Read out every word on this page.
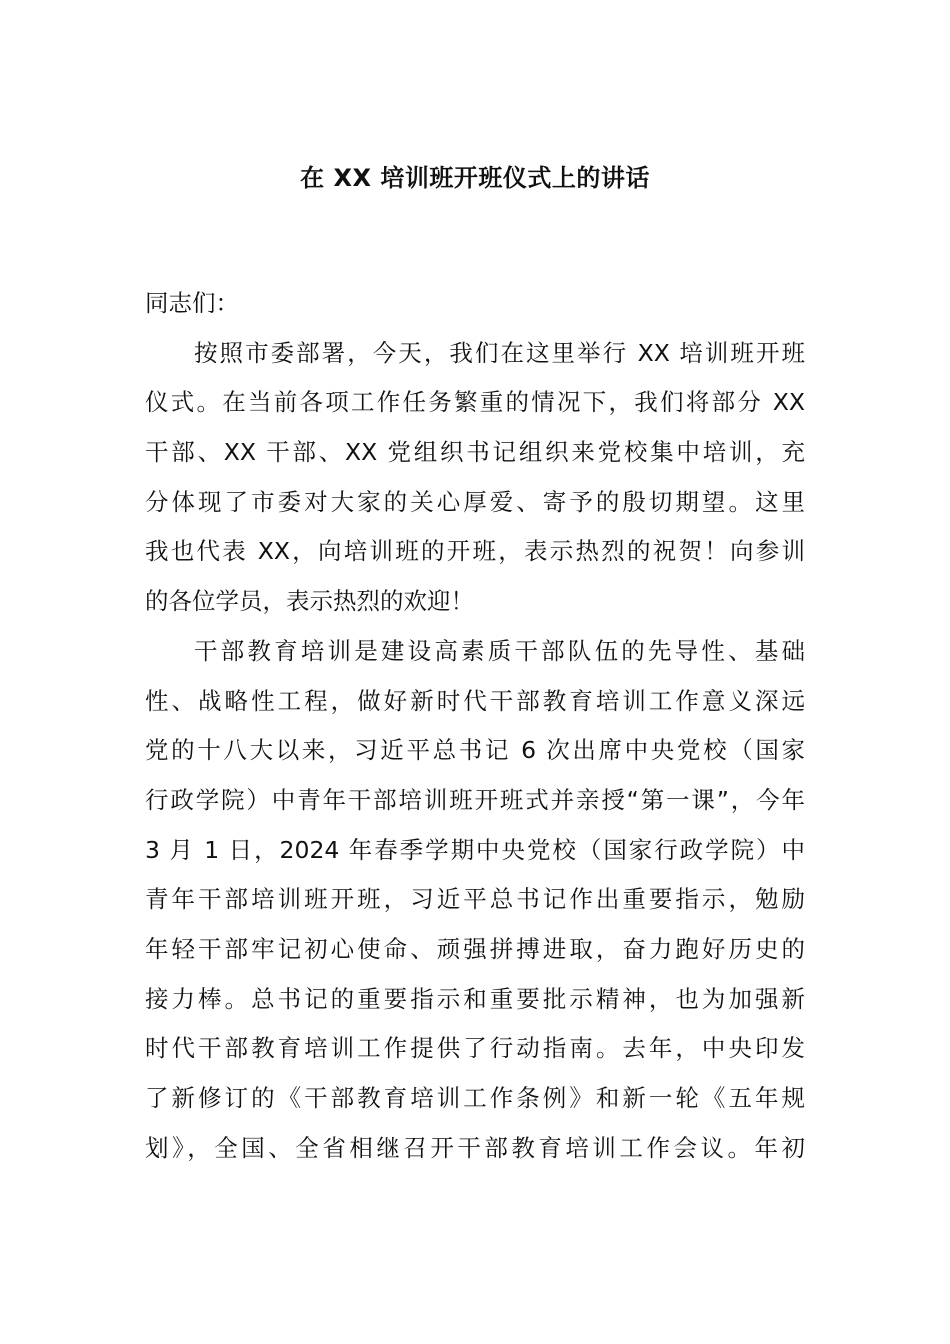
在 XX 培训班开班仪式上的讲话
同志们：
按照市委部署，今天，我们在这里举行 XX 培训班开班
仪式。在当前各项工作任务繁重的情况下，我们将部分 XX
干部、XX 干部、XX 党组织书记组织来党校集中培训，充
分体现了市委对大家的关心厚爱、寄予的殷切期望。这里
我也代表 XX，向培训班的开班，表示热烈的祝贺！向参训
的各位学员，表示热烈的欢迎！
干部教育培训是建设高素质干部队伍的先导性、基础
性、战略性工程，做好新时代干部教育培训工作意义深远
党的十八大以来，习近平总书记 6 次出席中央党校（国家
行政学院）中青年干部培训班开班式并亲授“第一课”，今年
3 月 1 日，2024 年春季学期中央党校（国家行政学院）中
青年干部培训班开班，习近平总书记作出重要指示，勉励
年轻干部牢记初心使命、顽强拼搏进取，奋力跑好历史的
接力棒。总书记的重要指示和重要批示精神，也为加强新
时代干部教育培训工作提供了行动指南。去年，中央印发
了新修订的《干部教育培训工作条例》和新一轮《五年规
划》，全国、全省相继召开干部教育培训工作会议。年初
